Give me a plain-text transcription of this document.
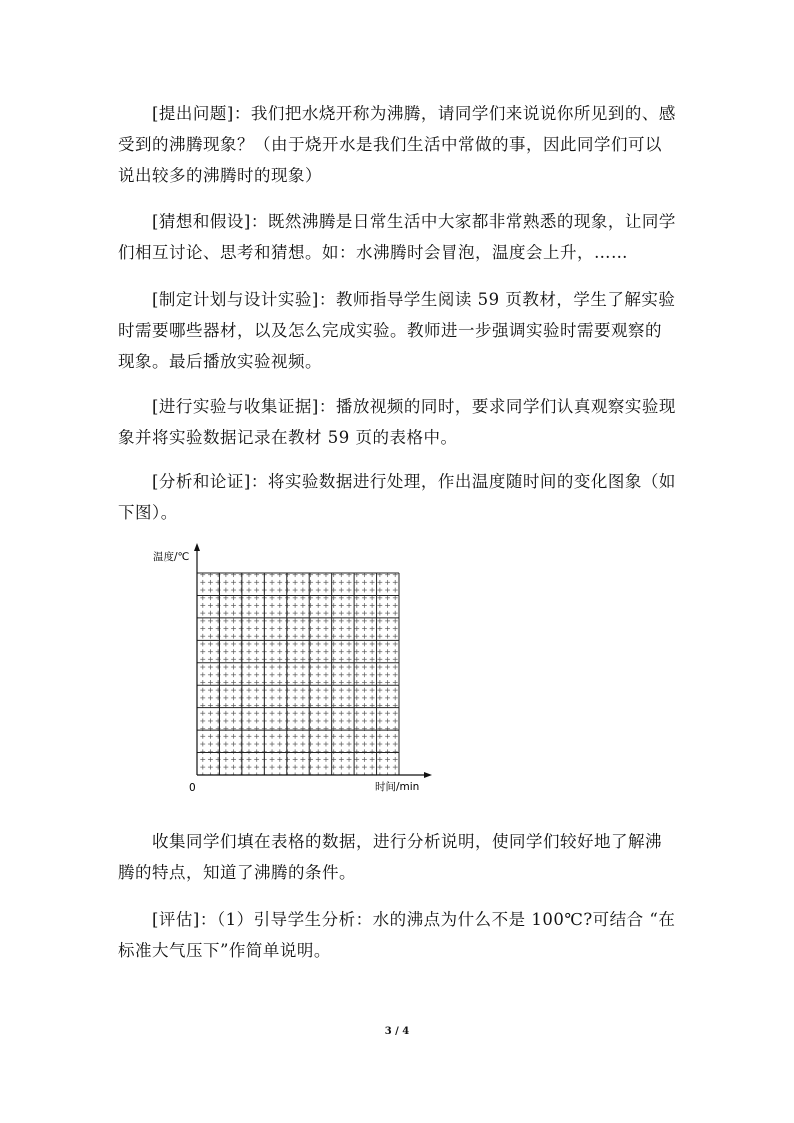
[提出问题]：我们把水烧开称为沸腾，请同学们来说说你所见到的、感受到的沸腾现象？（由于烧开水是我们生活中常做的事，因此同学们可以说出较多的沸腾时的现象）

[猜想和假设]：既然沸腾是日常生活中大家都非常熟悉的现象，让同学们相互讨论、思考和猜想。如：水沸腾时会冒泡，温度会上升，……

[制定计划与设计实验]：教师指导学生阅读 59 页教材，学生了解实验时需要哪些器材，以及怎么完成实验。教师进一步强调实验时需要观察的现象。最后播放实验视频。

[进行实验与收集证据]：播放视频的同时，要求同学们认真观察实验现象并将实验数据记录在教材 59 页的表格中。

[分析和论证]：将实验数据进行处理，作出温度随时间的变化图象（如下图）。

温度/℃
时间/min
0

收集同学们填在表格的数据，进行分析说明，使同学们较好地了解沸腾的特点，知道了沸腾的条件。

[评估]：（1）引导学生分析：水的沸点为什么不是 100℃?可结合 “在标准大气压下”作简单说明。

3 / 4
